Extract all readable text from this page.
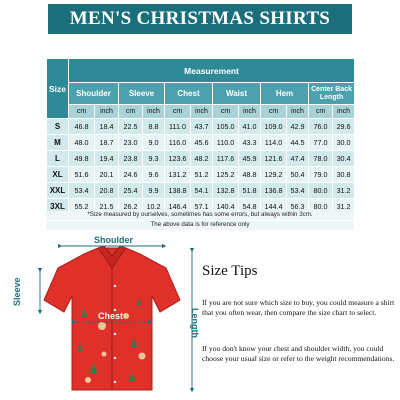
MEN'S CHRISTMAS SHIRTS
Size	Measurement											
	Shoulder		Sleeve		Chest		Waist		Hem		Center Back Length	
	cm	inch	cm	inch	cm	inch	cm	inch	cm	inch	cm	inch
S	46.8	18.4	22.5	8.8	111.0	43.7	105.0	41.0	109.0	42.9	76.0	29.6
M	48.0	18.7	23.0	9.0	116.0	45.6	110.0	43.3	114.0	44.5	77.0	30.0
L	49.8	19.4	23.8	9.3	123.6	48.2	117.6	45.9	121.6	47.4	78.0	30.4
XL	51.6	20.1	24.6	9.6	131.2	51.2	125.2	48.8	129.2	50.4	79.0	30.8
XXL	53.4	20.8	25.4	9.9	138.8	54.1	132.8	51.8	136.8	53.4	80.0	31.2
3XL	55.2	21.5	26.2	10.2	146.4	57.1	140.4	54.8	144.4	56.3	80.0	31.2
*Size measured by ourselves, sometimes has some errors, but always within 3cm.
The above data is for reference only
Shoulder
Sleeve
Chest	Length
Size Tips
If you are not sure which size to buy, you could measure a shirt that you often wear, then compare the size chart to select.
If you don't know your chest and shoulder width, you could choose your usual size or refer to the weight recommendations.
